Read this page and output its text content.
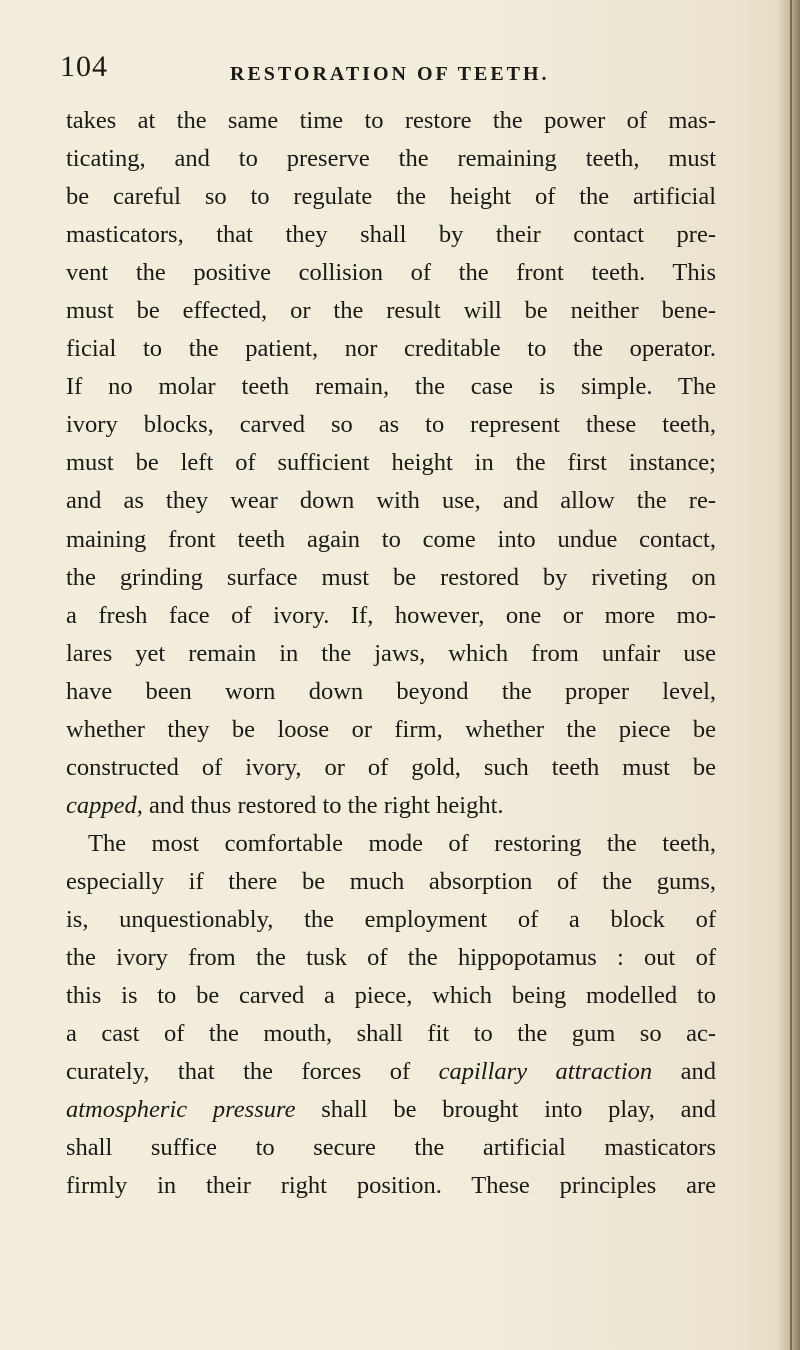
104	RESTORATION OF TEETH.
takes at the same time to restore the power of mas-
ticating, and to preserve the remaining teeth, must
be careful so to regulate the height of the artificial
masticators, that they shall by their contact pre-
vent the positive collision of the front teeth. This
must be effected, or the result will be neither bene-
ficial to the patient, nor creditable to the operator.
If no molar teeth remain, the case is simple. The
ivory blocks, carved so as to represent these teeth,
must be left of sufficient height in the first instance;
and as they wear down with use, and allow the re-
maining front teeth again to come into undue contact,
the grinding surface must be restored by riveting on
a fresh face of ivory. If, however, one or more mo-
lares yet remain in the jaws, which from unfair use
have been worn down beyond the proper level,
whether they be loose or firm, whether the piece be
constructed of ivory, or of gold, such teeth must be
capped, and thus restored to the right height.
The most comfortable mode of restoring the teeth,
especially if there be much absorption of the gums,
is, unquestionably, the employment of a block of
the ivory from the tusk of the hippopotamus : out of
this is to be carved a piece, which being modelled to
a cast of the mouth, shall fit to the gum so ac-
curately, that the forces of capillary attraction and
atmospheric pressure shall be brought into play, and
shall suffice to secure the artificial masticators
firmly in their right position. These principles are
